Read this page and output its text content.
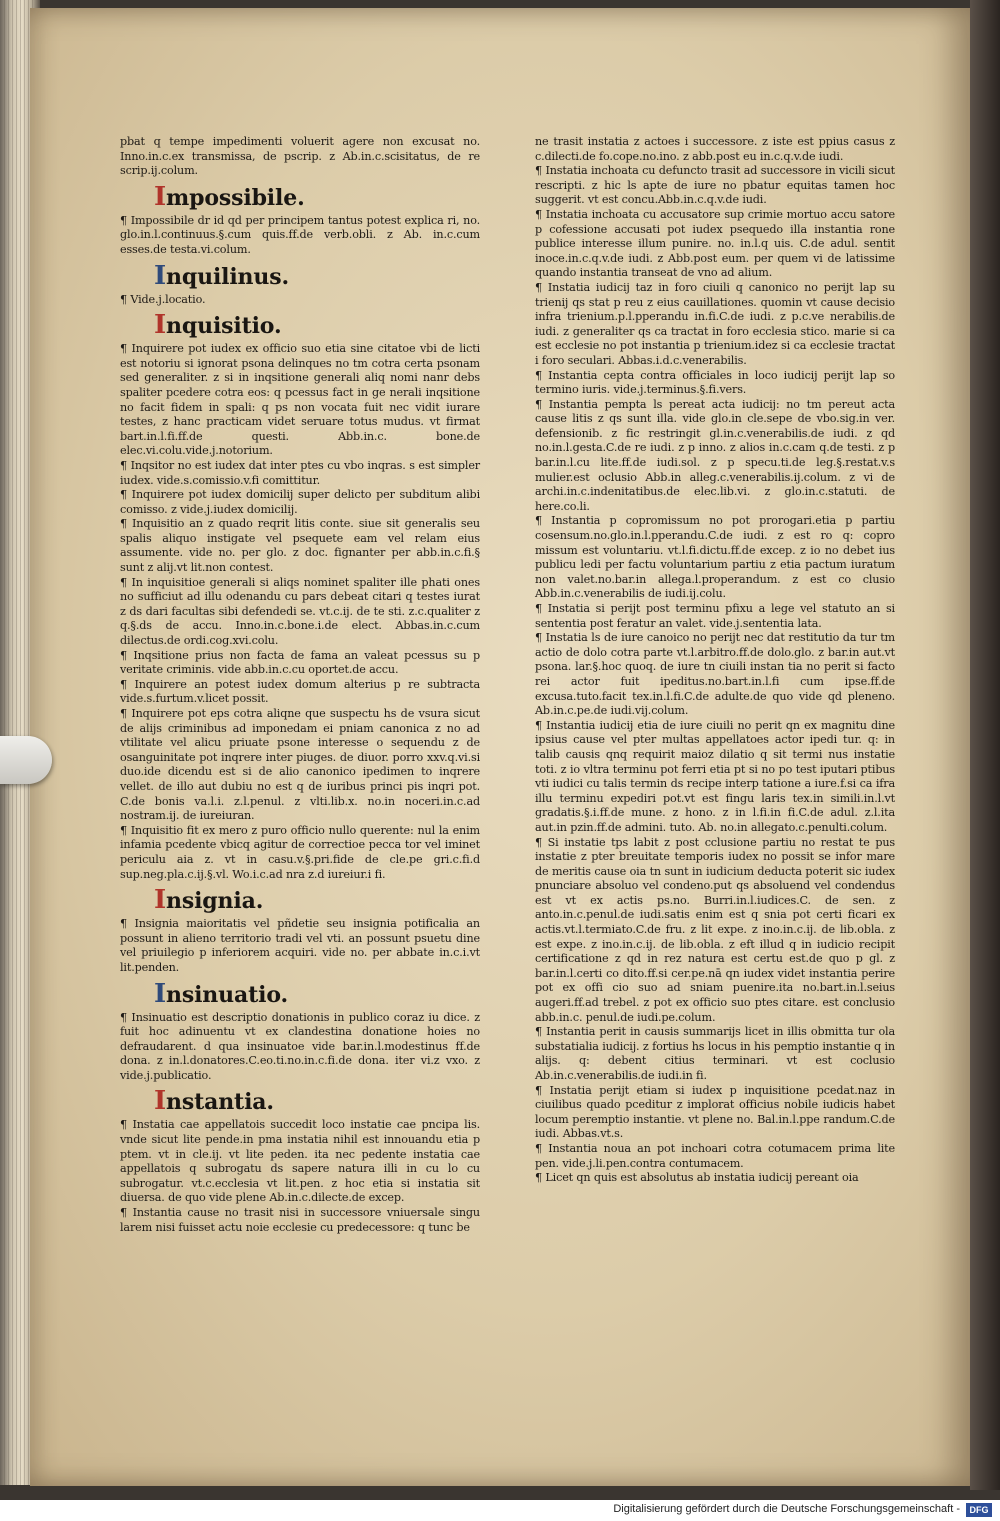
pbat q tempe impedimenti voluerit agere non excusat no. Inno.in.c.ex transmissa, de pscrip. z Ab.in.c.scisitatus, de re scrip.ij.colum.

Impossibile.

¶ Impossibile dr id qd per principem tantus potest explica ri, no. glo.in.l.continuus.§.cum quis.ff.de verb.obli. z Ab. in.c.cum esses.de testa.vi.colum.

Inquilinus.

¶ Vide.j.locatio.

Inquisitio.

¶ Inquirere pot iudex ex officio suo etia sine citatoe vbi de licti est notoriu si ignorat psona delinques no tm cotra certa psonam sed generaliter. z si in inqsitione generali aliq nomi nanr debs spaliter pcedere cotra eos: q pcessus fact in ge nerali inqsitione no facit fidem in spali: q ps non vocata fuit nec vidit iurare testes, z hanc practicam videt seruare totus mudus. vt firmat bart.in.l.fi.ff.de questi. Abb.in.c. bone.de elec.vi.colu.vide.j.notorium.

¶ Inqsitor no est iudex dat inter ptes cu vbo inqras. s est simpler iudex. vide.s.comissio.v.fi comittitur.

¶ Inquirere pot iudex domicilij super delicto per subditum alibi comisso. z vide.j.iudex domicilij.

¶ Inquisitio an z quado reqrit litis conte. siue sit generalis seu spalis aliquo instigate vel psequete eam vel relam eius assumente. vide no. per glo. z doc. fignanter per abb.in.c.fi.§ sunt z alij.vt lit.non contest.

¶ In inquisitioe generali si aliqs nominet spaliter ille phati ones no sufficiut ad illu odenandu cu pars debeat citari q testes iurat z ds dari facultas sibi defendedi se. vt.c.ij. de te sti. z.c.qualiter z q.§.ds de accu. Inno.in.c.bone.i.de elect. Abbas.in.c.cum dilectus.de ordi.cog.xvi.colu.

¶ Inqsitione prius non facta de fama an valeat pcessus su p veritate criminis. vide abb.in.c.cu oportet.de accu.

¶ Inquirere an potest iudex domum alterius p re subtracta vide.s.furtum.v.licet possit.

¶ Inquirere pot eps cotra aliqne que suspectu hs de vsura sicut de alijs criminibus ad imponedam ei pniam canonica z no ad vtilitate vel alicu priuate psone interesse o sequendu z de osanguinitate pot inqrere inter piuges. de diuor. porro xxv.q.vi.si duo.ide dicendu est si de alio canonico ipedimen to inqrere vellet. de illo aut dubiu no est q de iuribus princi pis inqri pot. C.de bonis va.l.i. z.l.penul. z vlti.lib.x. no.in noceri.in.c.ad nostram.ij. de iureiuran.

¶ Inquisitio fit ex mero z puro officio nullo querente: nul la enim infamia pcedente vbicq agitur de correctioe pecca tor vel iminet periculu aia z. vt in casu.v.§.pri.fide de cle.pe gri.c.fi.d sup.neg.pla.c.ij.§.vl. Wo.i.c.ad nra z.d iureiur.i fi.

Insignia.

¶ Insignia maioritatis vel pñdetie seu insignia potificalia an possunt in alieno territorio tradi vel vti. an possunt psuetu dine vel priuilegio p inferiorem acquiri. vide no. per abbate in.c.i.vt lit.penden.

Insinuatio.

¶ Insinuatio est descriptio donationis in publico coraz iu dice. z fuit hoc adinuentu vt ex clandestina donatione hoies no defraudarent. d qua insinuatoe vide bar.in.l.modestinus ff.de dona. z in.l.donatores.C.eo.ti.no.in.c.fi.de dona. iter vi.z vxo. z vide.j.publicatio.

Instantia.

¶ Instatia cae appellatois succedit loco instatie cae pncipa lis. vnde sicut lite pende.in pma instatia nihil est innouandu etia p ptem. vt in cle.ij. vt lite peden. ita nec pedente instatia cae appellatois q subrogatu ds sapere natura illi in cu lo cu subrogatur. vt.c.ecclesia vt lit.pen. z hoc etia si instatia sit diuersa. de quo vide plene Ab.in.c.dilecte.de excep.

¶ Instantia cause no trasit nisi in successore vniuersale singu larem nisi fuisset actu noie ecclesie cu predecessore: q tunc be

ne trasit instatia z actoes i successore. z iste est ppius casus z c.dilecti.de fo.cope.no.ino. z abb.post eu in.c.q.v.de iudi.

¶ Instatia inchoata cu defuncto trasit ad successore in vicili sicut rescripti. z hic ls apte de iure no pbatur equitas tamen hoc suggerit. vt est concu.Abb.in.c.q.v.de iudi.

¶ Instatia inchoata cu accusatore sup crimie mortuo accu satore p cofessione accusati pot iudex psequedo illa instantia rone publice interesse illum punire. no. in.l.q uis. C.de adul. sentit inoce.in.c.q.v.de iudi. z Abb.post eum. per quem vi de latissime quando instantia transeat de vno ad alium.

¶ Instatia iudicij taz in foro ciuili q canonico no perijt lap su trienij qs stat p reu z eius cauillationes. quomin vt cause decisio infra trienium.p.l.pperandu in.fi.C.de iudi. z p.c.ve nerabilis.de iudi. z generaliter qs ca tractat in foro ecclesia stico. marie si ca est ecclesie no pot instantia p trienium.idez si ca ecclesie tractat i foro seculari. Abbas.i.d.c.venerabilis.

¶ Instantia cepta contra officiales in loco iudicij perijt lap so termino iuris. vide.j.terminus.§.fi.vers.

¶ Instantia pempta ls pereat acta iudicij: no tm pereut acta cause litis z qs sunt illa. vide glo.in cle.sepe de vbo.sig.in ver. defensionib. z fic restringit gl.in.c.venerabilis.de iudi. z qd no.in.l.gesta.C.de re iudi. z p inno. z alios in.c.cam q.de testi. z p bar.in.l.cu lite.ff.de iudi.sol. z p specu.ti.de leg.§.restat.v.s mulier.est oclusio Abb.in alleg.c.venerabilis.ij.colum. z vi de archi.in.c.indenitatibus.de elec.lib.vi. z glo.in.c.statuti. de here.co.li.

¶ Instantia p copromissum no pot prorogari.etia p partiu cosensum.no.glo.in.l.pperandu.C.de iudi. z est ro q: copro missum est voluntariu. vt.l.fi.dictu.ff.de excep. z io no debet ius publicu ledi per factu voluntarium partiu z etia pactum iuratum non valet.no.bar.in allega.l.properandum. z est co clusio Abb.in.c.venerabilis de iudi.ij.colu.

¶ Instatia si perijt post terminu pfixu a lege vel statuto an si sententia post feratur an valet. vide.j.sententia lata.

¶ Instatia ls de iure canoico no perijt nec dat restitutio da tur tm actio de dolo cotra parte vt.l.arbitro.ff.de dolo.glo. z bar.in aut.vt psona. lar.§.hoc quoq. de iure tn ciuili instan tia no perit si facto rei actor fuit ipeditus.no.bart.in.l.fi cum ipse.ff.de excusa.tuto.facit tex.in.l.fi.C.de adulte.de quo vide qd pleneno. Ab.in.c.pe.de iudi.vij.colum.

¶ Instantia iudicij etia de iure ciuili no perit qn ex magnitu dine ipsius cause vel pter multas appellatoes actor ipedi tur. q: in talib causis qnq requirit maioz dilatio q sit termi nus instatie toti. z io vltra terminu pot ferri etia pt si no po test iputari ptibus vti iudici cu talis termin ds recipe interp tatione a iure.f.si ca ifra illu terminu expediri pot.vt est fingu laris tex.in simili.in.l.vt gradatis.§.i.ff.de mune. z hono. z in l.fi.in fi.C.de adul. z.l.ita aut.in pzin.ff.de admini. tuto. Ab. no.in allegato.c.penulti.colum.

¶ Si instatie tps labit z post cclusione partiu no restat te pus instatie z pter breuitate temporis iudex no possit se infor mare de meritis cause oia tn sunt in iudicium deducta poterit sic iudex pnunciare absoluo vel condeno.put qs absoluend vel condendus est vt ex actis ps.no. Burri.in.l.iudices.C. de sen. z anto.in.c.penul.de iudi.satis enim est q snia pot certi ficari ex actis.vt.l.termiato.C.de fru. z lit expe. z ino.in.c.ij. de lib.obla. z est expe. z ino.in.c.ij. de lib.obla. z eft illud q in iudicio recipit certificatione z qd in rez natura est certu est.de quo p gl. z bar.in.l.certi co dito.ff.si cer.pe.nā qn iudex videt instantia perire pot ex offi cio suo ad sniam puenire.ita no.bart.in.l.seius augeri.ff.ad trebel. z pot ex officio suo ptes citare. est conclusio abb.in.c. penul.de iudi.pe.colum.

¶ Instantia perit in causis summarijs licet in illis obmitta tur ola substatialia iudicij. z fortius hs locus in his pemptio instantie q in alijs. q: debent citius terminari. vt est coclusio Ab.in.c.venerabilis.de iudi.in fi.

¶ Instatia perijt etiam si iudex p inquisitione pcedat.naz in ciuilibus quado pceditur z implorat officius nobile iudicis habet locum peremptio instantie. vt plene no. Bal.in.l.ppe randum.C.de iudi. Abbas.vt.s.

¶ Instantia noua an pot inchoari cotra cotumacem prima lite pen. vide.j.li.pen.contra contumacem.

¶ Licet qn quis est absolutus ab instatia iudicij pereant oia

Digitalisierung gefördert durch die Deutsche Forschungsgemeinschaft -	DFG
